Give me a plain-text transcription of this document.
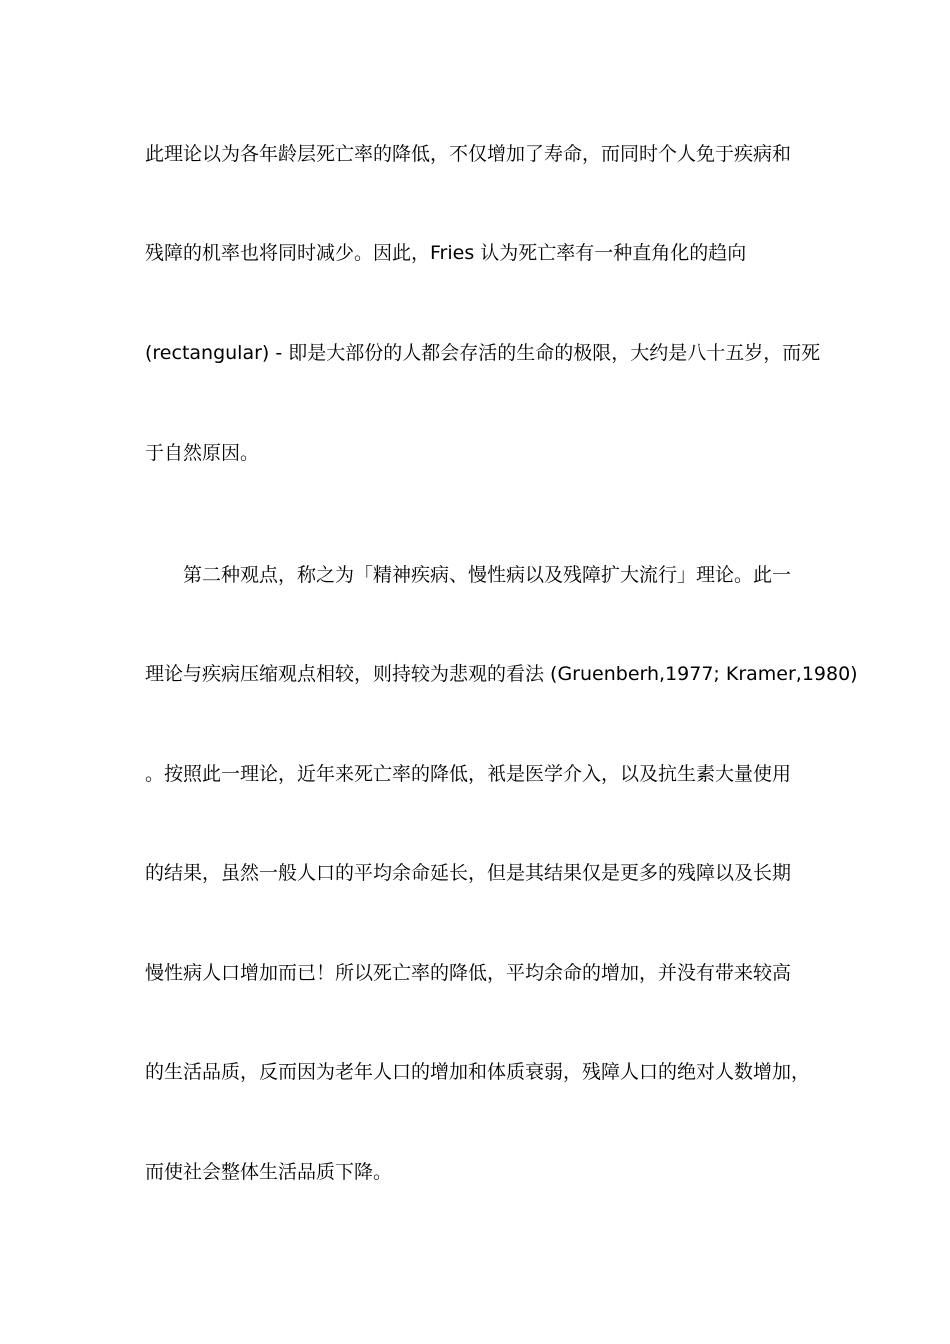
此理论以为各年龄层死亡率的降低，不仅增加了寿命，而同时个人免于疾病和
残障的机率也将同时减少。因此，Fries 认为死亡率有一种直角化的趋向
(rectangular) - 即是大部份的人都会存活的生命的极限，大约是八十五岁，而死
于自然原因。
　　第二种观点，称之为「精神疾病、慢性病以及残障扩大流行」理论。此一
理论与疾病压缩观点相较，则持较为悲观的看法 (Gruenberh,1977; Kramer,1980)
。按照此一理论，近年来死亡率的降低，衹是医学介入，以及抗生素大量使用
的结果，虽然一般人口的平均余命延长，但是其结果仅是更多的残障以及长期
慢性病人口增加而已！所以死亡率的降低，平均余命的增加，并没有带来较高
的生活品质，反而因为老年人口的增加和体质衰弱，残障人口的绝对人数增加，
而使社会整体生活品质下降。
